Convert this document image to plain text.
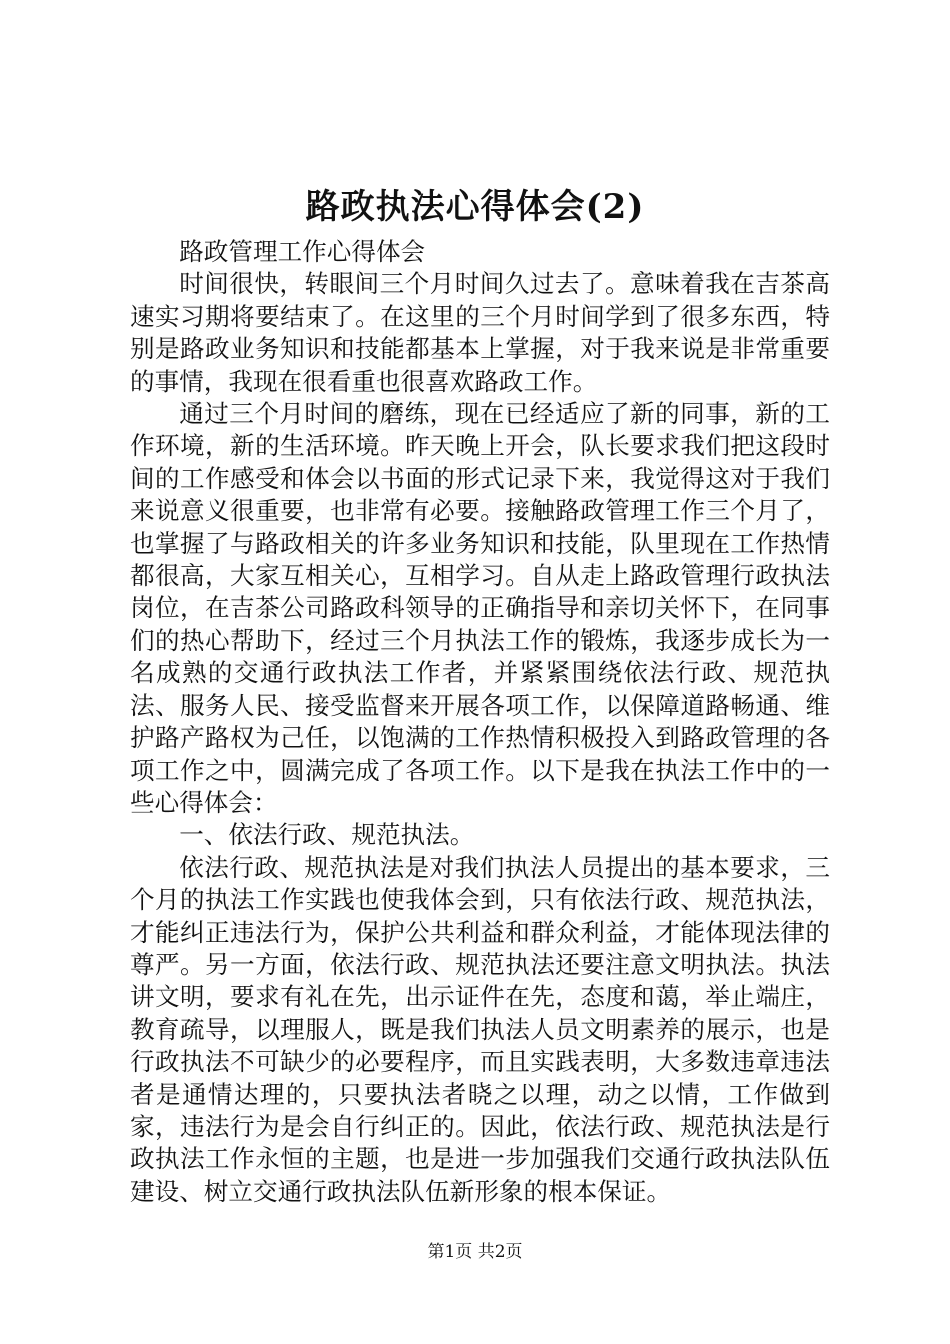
路政执法心得体会(2)

路政管理工作心得体会

时间很快，转眼间三个月时间久过去了。意味着我在吉茶高速实习期将要结束了。在这里的三个月时间学到了很多东西，特别是路政业务知识和技能都基本上掌握，对于我来说是非常重要的事情，我现在很看重也很喜欢路政工作。

通过三个月时间的磨练，现在已经适应了新的同事，新的工作环境，新的生活环境。昨天晚上开会，队长要求我们把这段时间的工作感受和体会以书面的形式记录下来，我觉得这对于我们来说意义很重要，也非常有必要。接触路政管理工作三个月了，也掌握了与路政相关的许多业务知识和技能，队里现在工作热情都很高，大家互相关心，互相学习。自从走上路政管理行政执法岗位，在吉茶公司路政科领导的正确指导和亲切关怀下，在同事们的热心帮助下，经过三个月执法工作的锻炼，我逐步成长为一名成熟的交通行政执法工作者，并紧紧围绕依法行政、规范执法、服务人民、接受监督来开展各项工作，以保障道路畅通、维护路产路权为己任，以饱满的工作热情积极投入到路政管理的各项工作之中，圆满完成了各项工作。以下是我在执法工作中的一些心得体会：

一、依法行政、规范执法。

依法行政、规范执法是对我们执法人员提出的基本要求，三个月的执法工作实践也使我体会到，只有依法行政、规范执法，才能纠正违法行为，保护公共利益和群众利益，才能体现法律的尊严。另一方面，依法行政、规范执法还要注意文明执法。执法讲文明，要求有礼在先，出示证件在先，态度和蔼，举止端庄，教育疏导，以理服人，既是我们执法人员文明素养的展示，也是行政执法不可缺少的必要程序，而且实践表明，大多数违章违法者是通情达理的，只要执法者晓之以理，动之以情，工作做到家，违法行为是会自行纠正的。因此，依法行政、规范执法是行政执法工作永恒的主题，也是进一步加强我们交通行政执法队伍建设、树立交通行政执法队伍新形象的根本保证。

第1页 共2页
